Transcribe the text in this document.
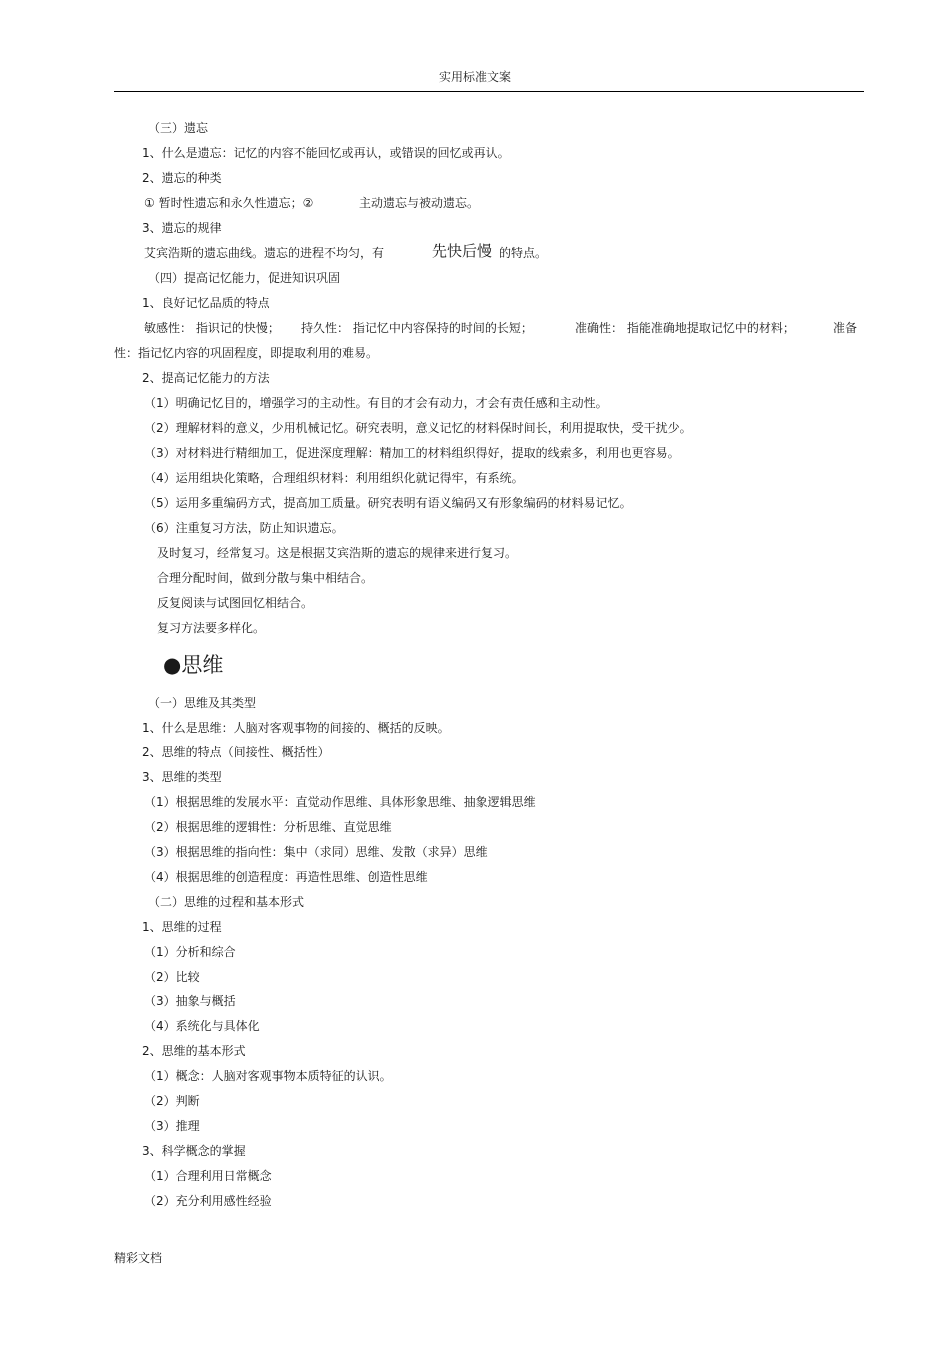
实用标准文案
（三）遗忘
1、什么是遗忘：记忆的内容不能回忆或再认，或错误的回忆或再认。
2、遗忘的种类
① 暂时性遗忘和永久性遗忘；②	主动遗忘与被动遗忘。
3、遗忘的规律
艾宾浩斯的遗忘曲线。遗忘的进程不均匀，有	先快后慢 的特点。
（四）提高记忆能力，促进知识巩固
1、良好记忆品质的特点
敏感性： 指识记的快慢； 持久性： 指记忆中内容保持的时间的长短；	准确性： 指能准确地提取记忆中的材料；	准备
性：指记忆内容的巩固程度，即提取利用的难易。
2、提高记忆能力的方法
（1）明确记忆目的，增强学习的主动性。有目的才会有动力，才会有责任感和主动性。
（2）理解材料的意义，少用机械记忆。研究表明，意义记忆的材料保时间长，利用提取快，受干扰少。
（3）对材料进行精细加工，促进深度理解：精加工的材料组织得好，提取的线索多，利用也更容易。
（4）运用组块化策略，合理组织材料：利用组织化就记得牢，有系统。
（5）运用多重编码方式，提高加工质量。研究表明有语义编码又有形象编码的材料易记忆。
（6）注重复习方法，防止知识遗忘。
及时复习，经常复习。这是根据艾宾浩斯的遗忘的规律来进行复习。
合理分配时间，做到分散与集中相结合。
反复阅读与试图回忆相结合。
复习方法要多样化。
●思维
（一）思维及其类型
1、什么是思维：人脑对客观事物的间接的、概括的反映。
2、思维的特点（间接性、概括性）
3、思维的类型
（1）根据思维的发展水平：直觉动作思维、具体形象思维、抽象逻辑思维
（2）根据思维的逻辑性：分析思维、直觉思维
（3）根据思维的指向性：集中（求同）思维、发散（求异）思维
（4）根据思维的创造程度：再造性思维、创造性思维
（二）思维的过程和基本形式
1、思维的过程
（1）分析和综合
（2）比较
（3）抽象与概括
（4）系统化与具体化
2、思维的基本形式
（1）概念：人脑对客观事物本质特征的认识。
（2）判断
（3）推理
3、科学概念的掌握
（1）合理利用日常概念
（2）充分利用感性经验
精彩文档
